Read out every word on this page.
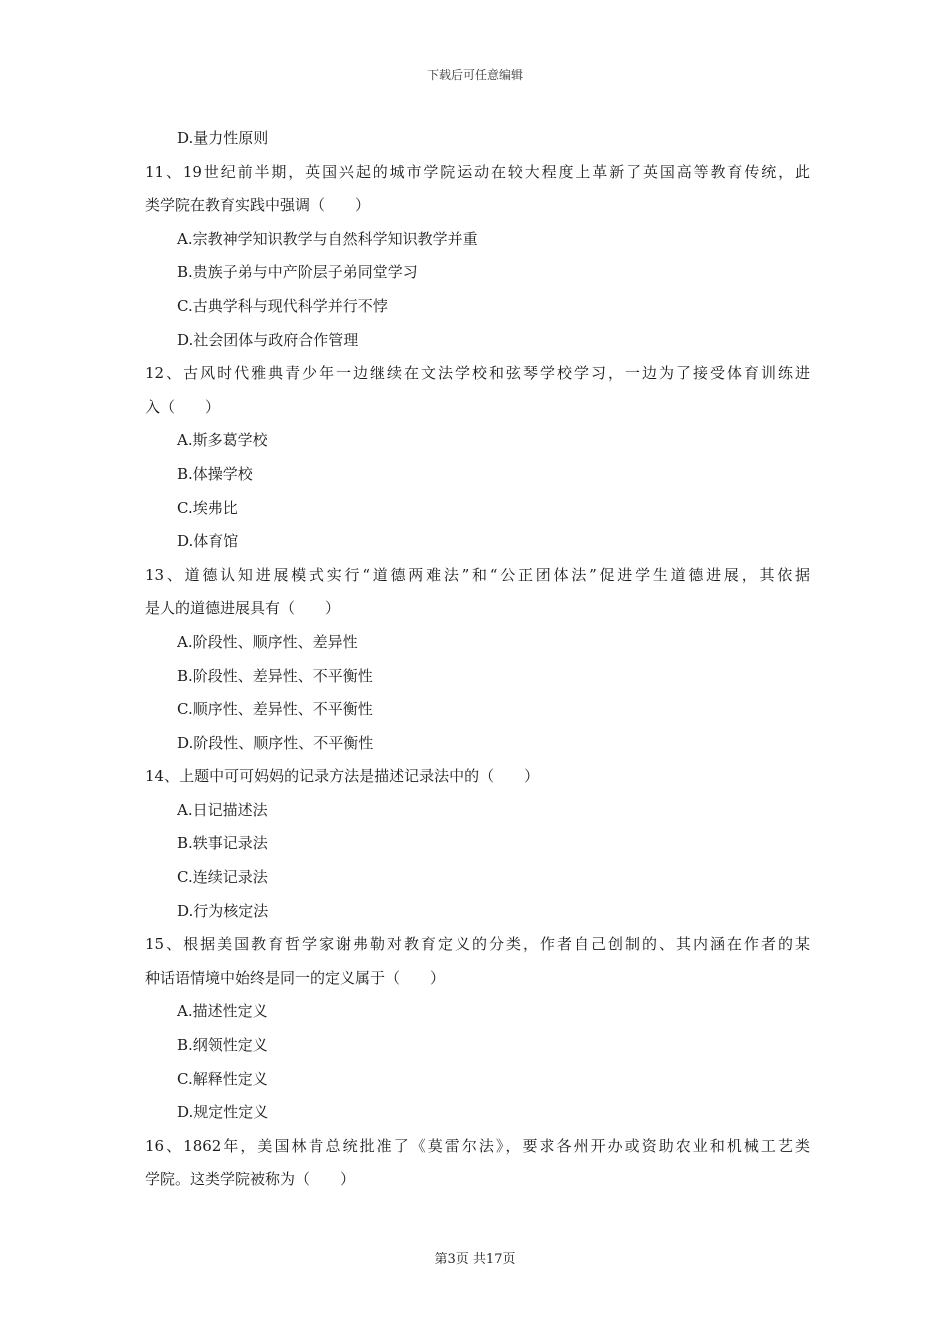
下载后可任意编辑
D.量力性原则
11、19世纪前半期，英国兴起的城市学院运动在较大程度上革新了英国高等教育传统，此
类学院在教育实践中强调（　　）
A.宗教神学知识教学与自然科学知识教学并重
B.贵族子弟与中产阶层子弟同堂学习
C.古典学科与现代科学并行不悖
D.社会团体与政府合作管理
12、古风时代雅典青少年一边继续在文法学校和弦琴学校学习，一边为了接受体育训练进
入（　　）
A.斯多葛学校
B.体操学校
C.埃弗比
D.体育馆
13、道德认知进展模式实行“道德两难法”和“公正团体法”促进学生道德进展，其依据
是人的道德进展具有（　　）
A.阶段性、顺序性、差异性
B.阶段性、差异性、不平衡性
C.顺序性、差异性、不平衡性
D.阶段性、顺序性、不平衡性
14、上题中可可妈妈的记录方法是描述记录法中的（　　）
A.日记描述法
B.轶事记录法
C.连续记录法
D.行为核定法
15、根据美国教育哲学家谢弗勒对教育定义的分类，作者自己创制的、其内涵在作者的某
种话语情境中始终是同一的定义属于（　　）
A.描述性定义
B.纲领性定义
C.解释性定义
D.规定性定义
16、1862年，美国林肯总统批准了《莫雷尔法》，要求各州开办或资助农业和机械工艺类
学院。这类学院被称为（　　）
第3页 共17页
